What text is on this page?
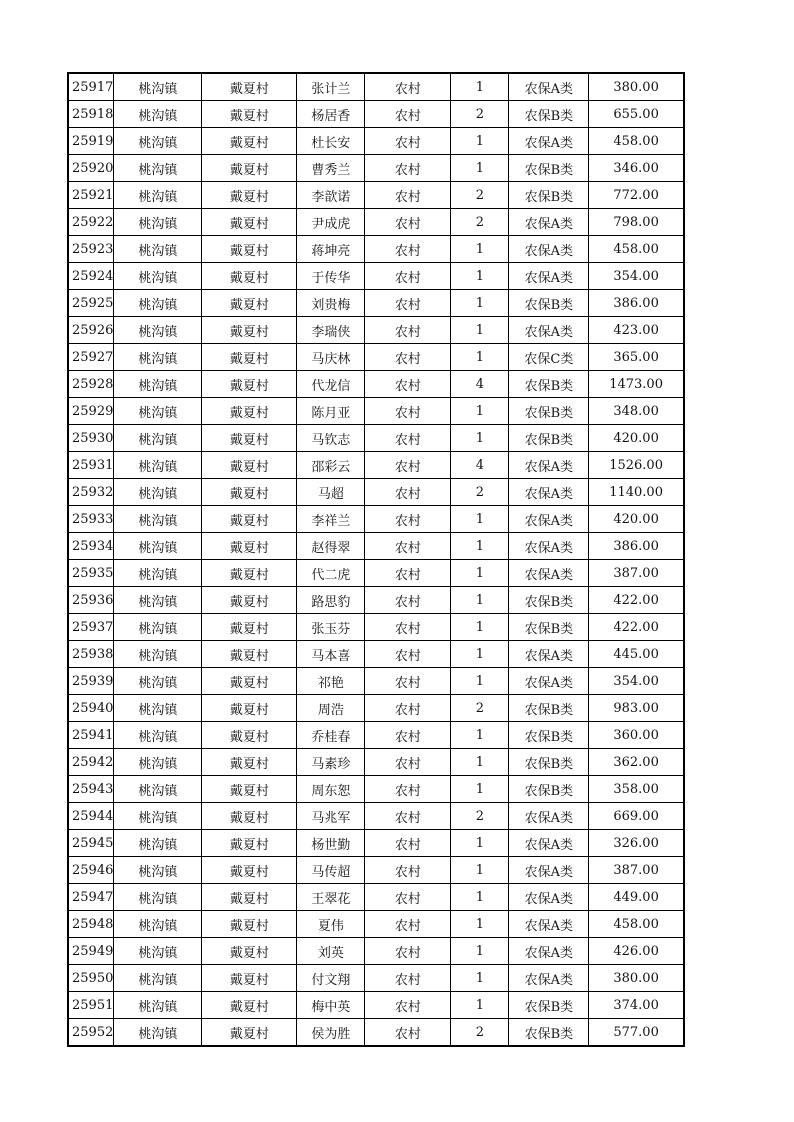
25917	桃沟镇	戴夏村	张计兰	农村	1	农保A类	380.00
25918	桃沟镇	戴夏村	杨居香	农村	2	农保B类	655.00
25919	桃沟镇	戴夏村	杜长安	农村	1	农保A类	458.00
25920	桃沟镇	戴夏村	曹秀兰	农村	1	农保B类	346.00
25921	桃沟镇	戴夏村	李歆诺	农村	2	农保B类	772.00
25922	桃沟镇	戴夏村	尹成虎	农村	2	农保A类	798.00
25923	桃沟镇	戴夏村	蒋坤亮	农村	1	农保A类	458.00
25924	桃沟镇	戴夏村	于传华	农村	1	农保A类	354.00
25925	桃沟镇	戴夏村	刘贵梅	农村	1	农保B类	386.00
25926	桃沟镇	戴夏村	李瑞侠	农村	1	农保A类	423.00
25927	桃沟镇	戴夏村	马庆林	农村	1	农保C类	365.00
25928	桃沟镇	戴夏村	代龙信	农村	4	农保B类	1473.00
25929	桃沟镇	戴夏村	陈月亚	农村	1	农保B类	348.00
25930	桃沟镇	戴夏村	马钦志	农村	1	农保B类	420.00
25931	桃沟镇	戴夏村	邵彩云	农村	4	农保A类	1526.00
25932	桃沟镇	戴夏村	马超	农村	2	农保A类	1140.00
25933	桃沟镇	戴夏村	李祥兰	农村	1	农保A类	420.00
25934	桃沟镇	戴夏村	赵得翠	农村	1	农保A类	386.00
25935	桃沟镇	戴夏村	代二虎	农村	1	农保A类	387.00
25936	桃沟镇	戴夏村	路思豹	农村	1	农保B类	422.00
25937	桃沟镇	戴夏村	张玉芬	农村	1	农保B类	422.00
25938	桃沟镇	戴夏村	马本喜	农村	1	农保A类	445.00
25939	桃沟镇	戴夏村	祁艳	农村	1	农保A类	354.00
25940	桃沟镇	戴夏村	周浩	农村	2	农保B类	983.00
25941	桃沟镇	戴夏村	乔桂春	农村	1	农保B类	360.00
25942	桃沟镇	戴夏村	马素珍	农村	1	农保B类	362.00
25943	桃沟镇	戴夏村	周东恕	农村	1	农保B类	358.00
25944	桃沟镇	戴夏村	马兆军	农村	2	农保A类	669.00
25945	桃沟镇	戴夏村	杨世勤	农村	1	农保A类	326.00
25946	桃沟镇	戴夏村	马传超	农村	1	农保A类	387.00
25947	桃沟镇	戴夏村	王翠花	农村	1	农保A类	449.00
25948	桃沟镇	戴夏村	夏伟	农村	1	农保A类	458.00
25949	桃沟镇	戴夏村	刘英	农村	1	农保A类	426.00
25950	桃沟镇	戴夏村	付文翔	农村	1	农保A类	380.00
25951	桃沟镇	戴夏村	梅中英	农村	1	农保B类	374.00
25952	桃沟镇	戴夏村	侯为胜	农村	2	农保B类	577.00
